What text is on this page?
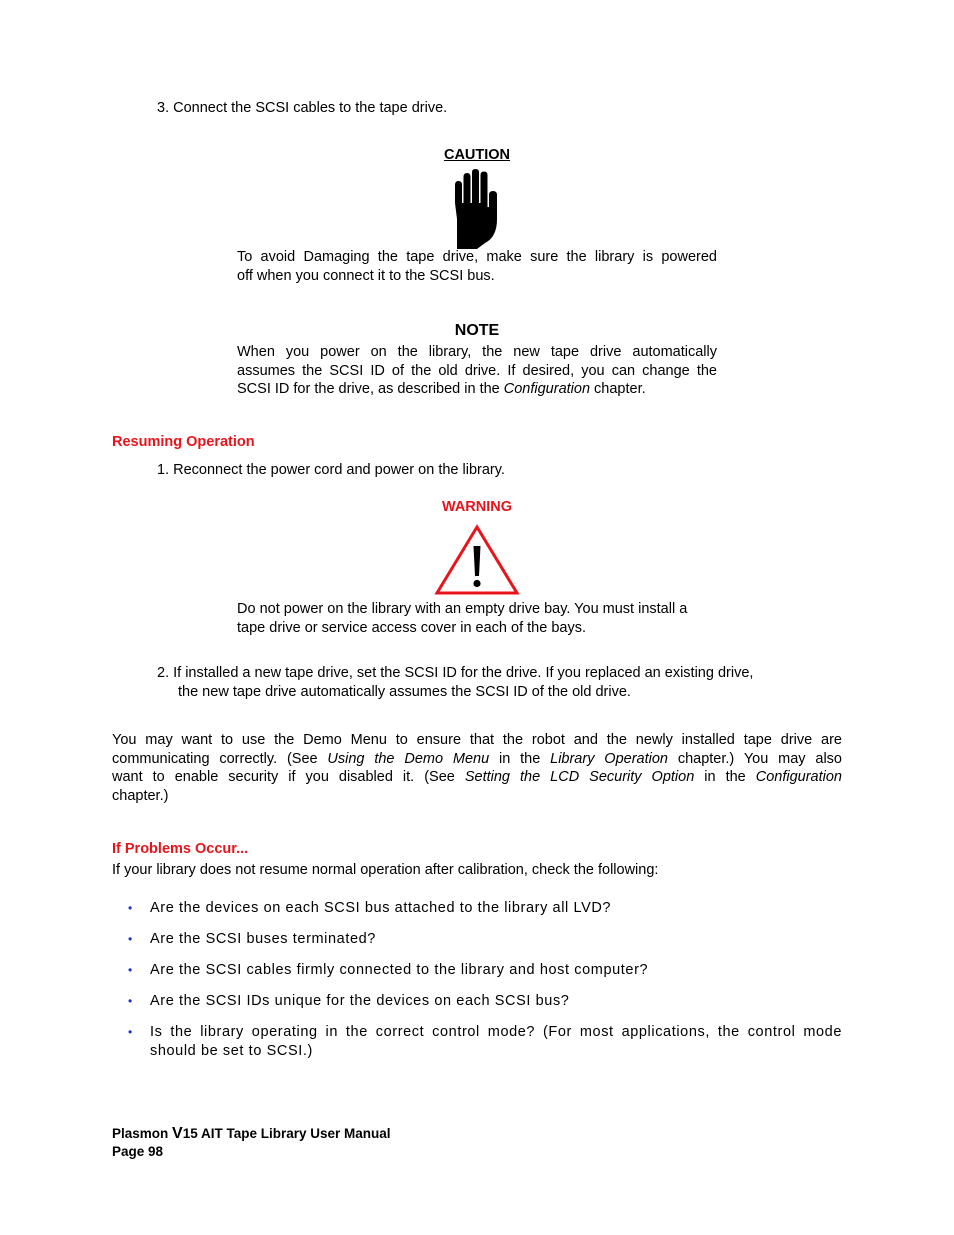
3. Connect the SCSI cables to the tape drive.
CAUTION
To avoid Damaging the tape drive, make sure the library is powered
off when you connect it to the SCSI bus.
NOTE
When you power on the library, the new tape drive automatically
assumes the SCSI ID of the old drive. If desired, you can change the
SCSI ID for the drive, as described in the Configuration chapter.
Resuming Operation
1. Reconnect the power cord and power on the library.
WARNING
Do not power on the library with an empty drive bay. You must install a
tape drive or service access cover in each of the bays.
2. If installed a new tape drive, set the SCSI ID for the drive. If you replaced an existing drive,
the new tape drive automatically assumes the SCSI ID of the old drive.
You may want to use the Demo Menu to ensure that the robot and the newly installed tape drive are
communicating correctly. (See Using the Demo Menu in the Library Operation chapter.) You may also
want to enable security if you disabled it. (See Setting the LCD Security Option in the Configuration
chapter.)
If Problems Occur...
If your library does not resume normal operation after calibration, check the following:
• Are the devices on each SCSI bus attached to the library all LVD?
• Are the SCSI buses terminated?
• Are the SCSI cables firmly connected to the library and host computer?
• Are the SCSI IDs unique for the devices on each SCSI bus?
• Is the library operating in the correct control mode? (For most applications, the control mode should be set to SCSI.)
Plasmon V15 AIT Tape Library User Manual
Page 98
